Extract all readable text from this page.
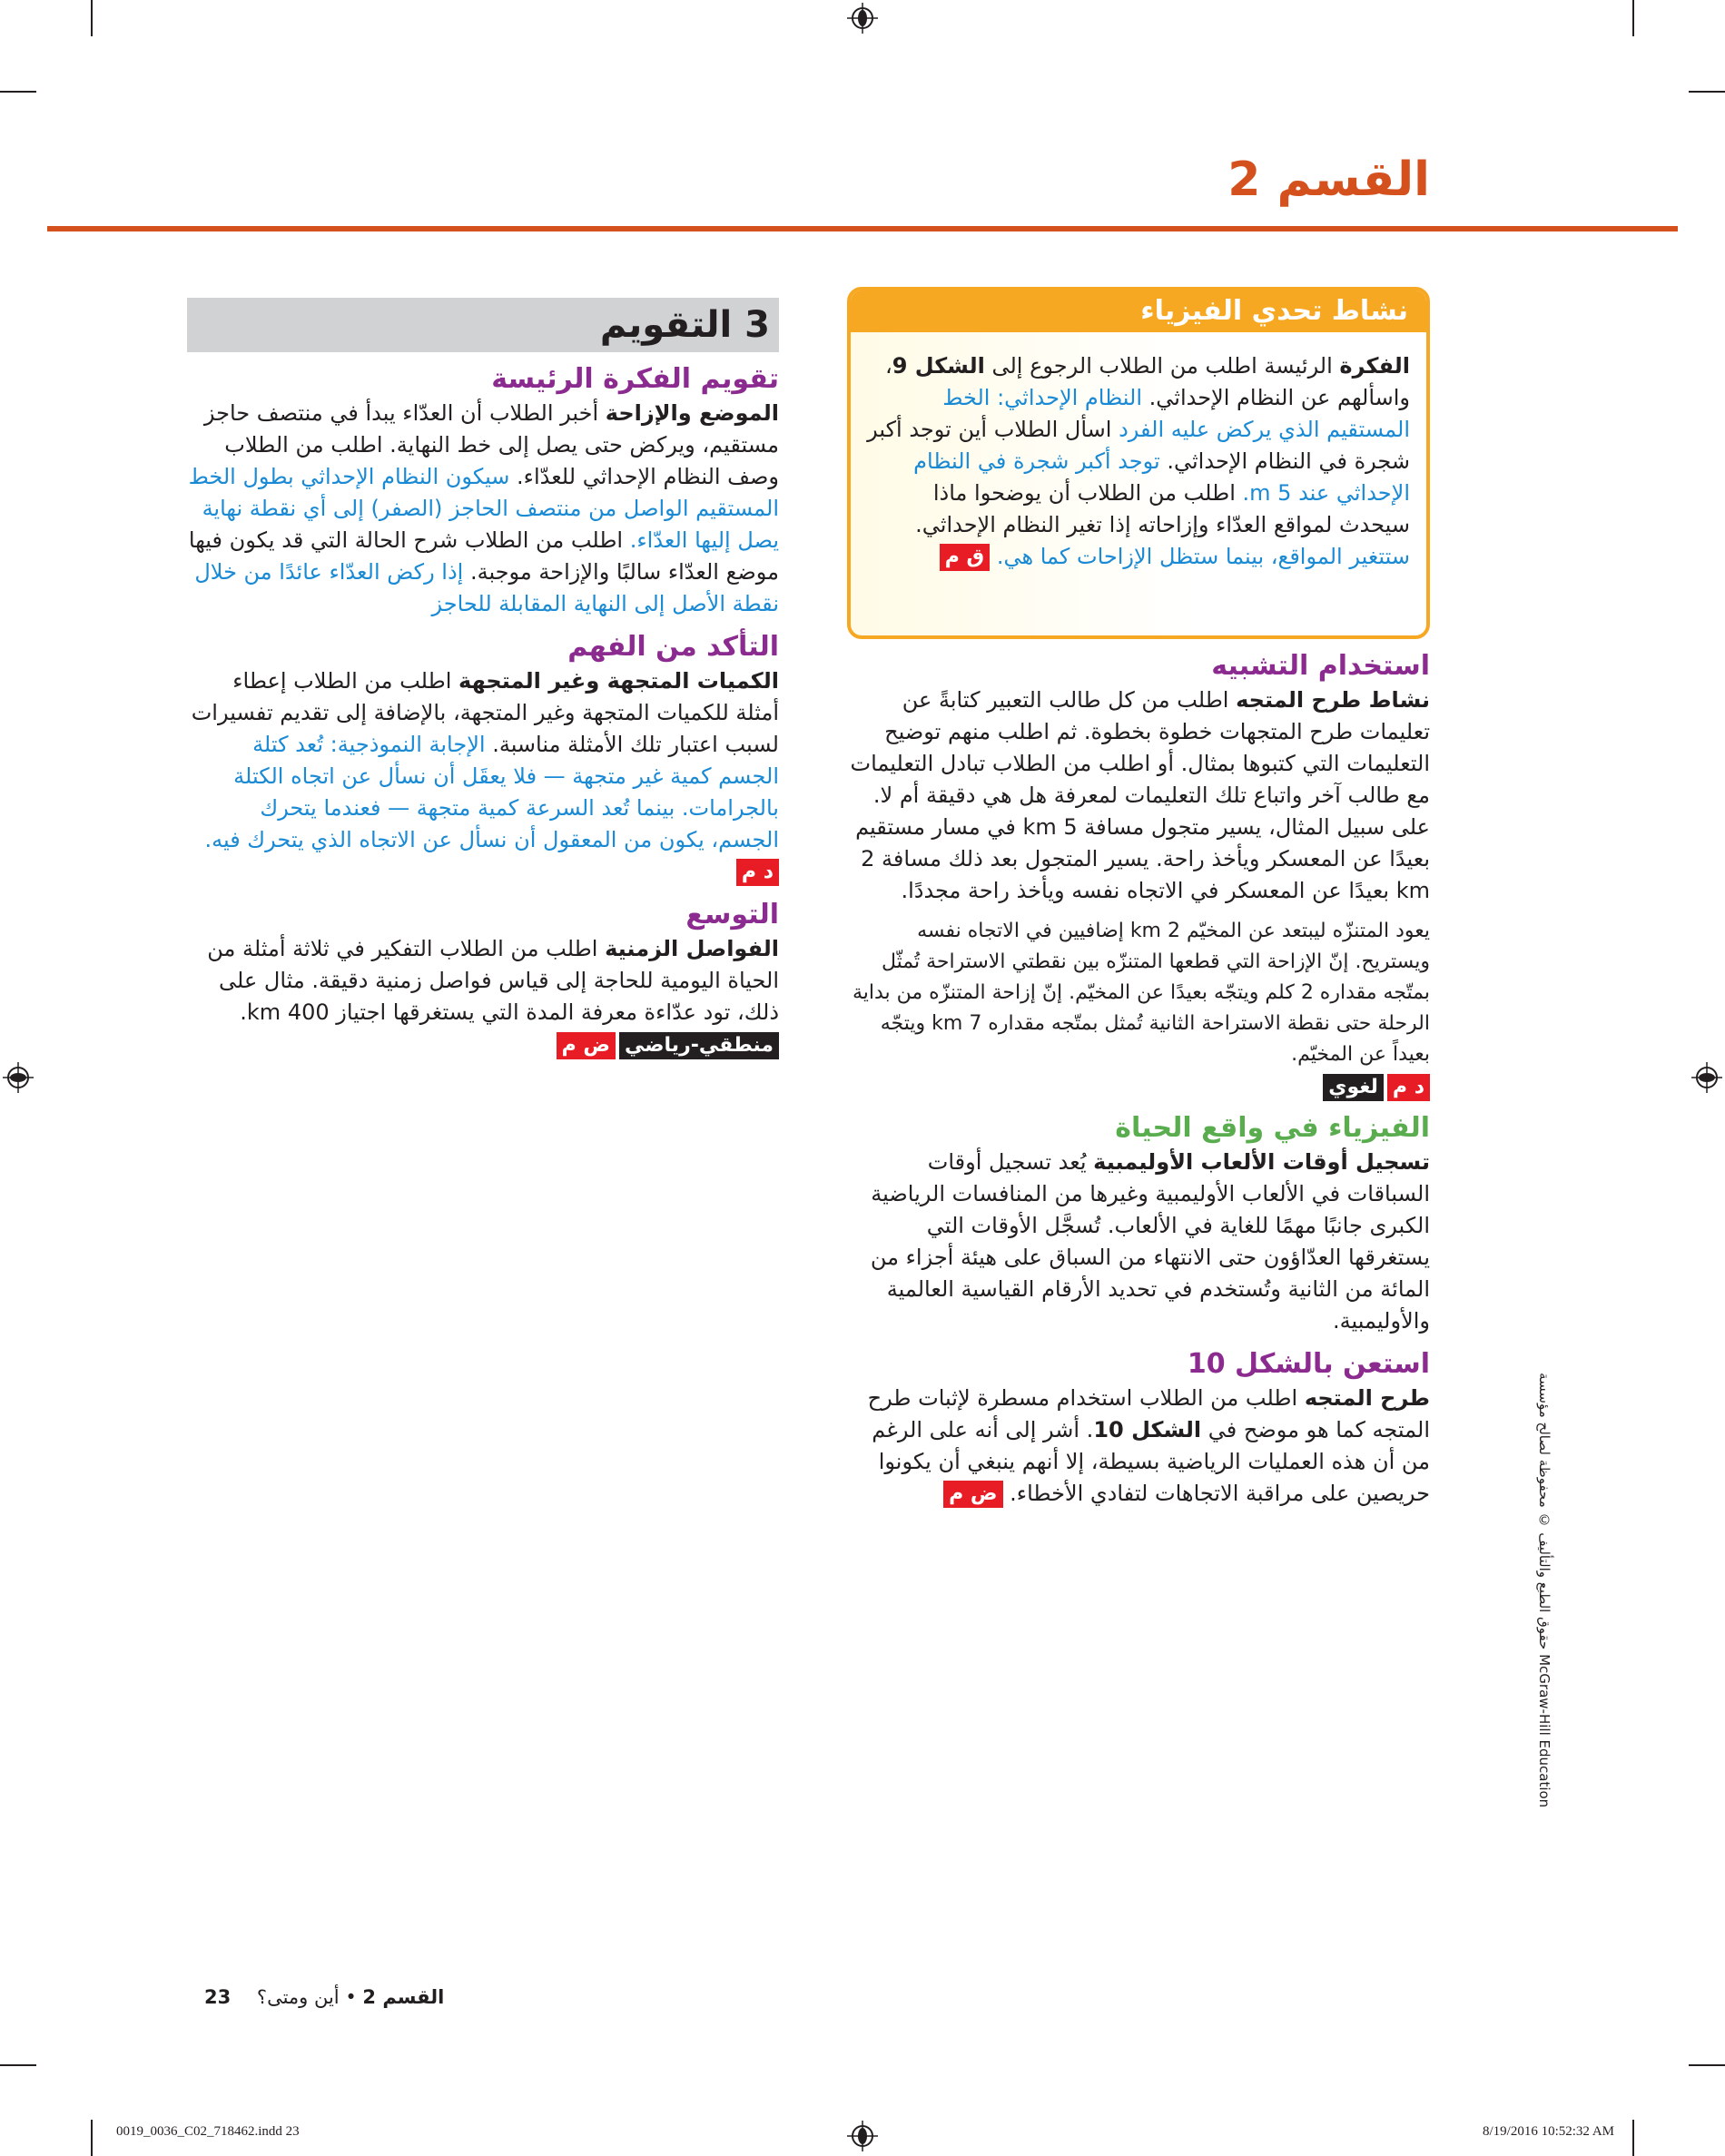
القسم 2
3 التقويم
تقويم الفكرة الرئيسة

الموضع والإزاحة أخبر الطلاب أن العدّاء يبدأ في منتصف حاجز مستقيم، ويركض حتى يصل إلى خط النهاية. اطلب من الطلاب وصف النظام الإحداثي للعدّاء. سيكون النظام الإحداثي بطول الخط المستقيم الواصل من منتصف الحاجز (الصفر) إلى أي نقطة نهاية يصل إليها العدّاء. اطلب من الطلاب شرح الحالة التي قد يكون فيها موضع العدّاء سالبًا والإزاحة موجبة. إذا ركض العدّاء عائدًا من خلال نقطة الأصل إلى النهاية المقابلة للحاجز

التأكد من الفهم

الكميات المتجهة وغير المتجهة اطلب من الطلاب إعطاء أمثلة للكميات المتجهة وغير المتجهة، بالإضافة إلى تقديم تفسيرات لسبب اعتبار تلك الأمثلة مناسبة. الإجابة النموذجية: تُعد كتلة الجسم كمية غير متجهة — فلا يعقَل أن نسأل عن اتجاه الكتلة بالجرامات. بينما تُعد السرعة كمية متجهة — فعندما يتحرك الجسم، يكون من المعقول أن نسأل عن الاتجاه الذي يتحرك فيه. د م

التوسع

الفواصل الزمنية اطلب من الطلاب التفكير في ثلاثة أمثلة من الحياة اليومية للحاجة إلى قياس فواصل زمنية دقيقة. مثال على ذلك، تود عدّاءة معرفة المدة التي يستغرقها اجتياز 400 km.

منطقي-رياضيض م
نشاط تحدي الفيزياء

الفكرة الرئيسة اطلب من الطلاب الرجوع إلى الشكل 9، واسألهم عن النظام الإحداثي. النظام الإحداثي: الخط المستقيم الذي يركض عليه الفرد اسأل الطلاب أين توجد أكبر شجرة في النظام الإحداثي. توجد أكبر شجرة في النظام الإحداثي عند 5 m. اطلب من الطلاب أن يوضحوا ماذا سيحدث لمواقع العدّاء وإزاحاته إذا تغير النظام الإحداثي. ستتغير المواقع، بينما ستظل الإزاحات كما هي. ق م

استخدام التشبيه

نشاط طرح المتجه اطلب من كل طالب التعبير كتابةً عن تعليمات طرح المتجهات خطوة بخطوة. ثم اطلب منهم توضيح التعليمات التي كتبوها بمثال. أو اطلب من الطلاب تبادل التعليمات مع طالب آخر واتباع تلك التعليمات لمعرفة هل هي دقيقة أم لا. على سبيل المثال، يسير متجول مسافة 5 km في مسار مستقيم بعيدًا عن المعسكر ويأخذ راحة. يسير المتجول بعد ذلك مسافة 2 km بعيدًا عن المعسكر في الاتجاه نفسه ويأخذ راحة مجددًا.

يعود المتنزّه ليبتعد عن المخيّم 2 km إضافيين في الاتجاه نفسه ويستريح. إنّ الإزاحة التي قطعها المتنزّه بين نقطتي الاستراحة تُمثّل بمتّجه مقداره 2 كلم ويتجّه بعيدًا عن المخيّم. إنّ إزاحة المتنزّه من بداية الرحلة حتى نقطة الاستراحة الثانية تُمثل بمتّجه مقداره 7 km ويتجّه بعيداً عن المخيّم.

د ملغوي
الفيزياء في واقع الحياة

تسجيل أوقات الألعاب الأوليمبية يُعد تسجيل أوقات السباقات في الألعاب الأوليمبية وغيرها من المنافسات الرياضية الكبرى جانبًا مهمًا للغاية في الألعاب. تُسجَّل الأوقات التي يستغرقها العدّاؤون حتى الانتهاء من السباق على هيئة أجزاء من المائة من الثانية وتُستخدم في تحديد الأرقام القياسية العالمية والأوليمبية.

استعن بالشكل 10

طرح المتجه اطلب من الطلاب استخدام مسطرة لإثبات طرح المتجه كما هو موضح في الشكل 10. أشر إلى أنه على الرغم من أن هذه العمليات الرياضية بسيطة، إلا أنهم ينبغي أن يكونوا حريصين على مراقبة الاتجاهات لتفادي الأخطاء. ض م	حقوق الطبع والتأليف © محفوظة لصالح مؤسسة McGraw-Hill Education
القسم 2 • أين ومتى؟ 23
0019_0036_C02_718462.indd 23	8/19/2016 10:52:32 AM
